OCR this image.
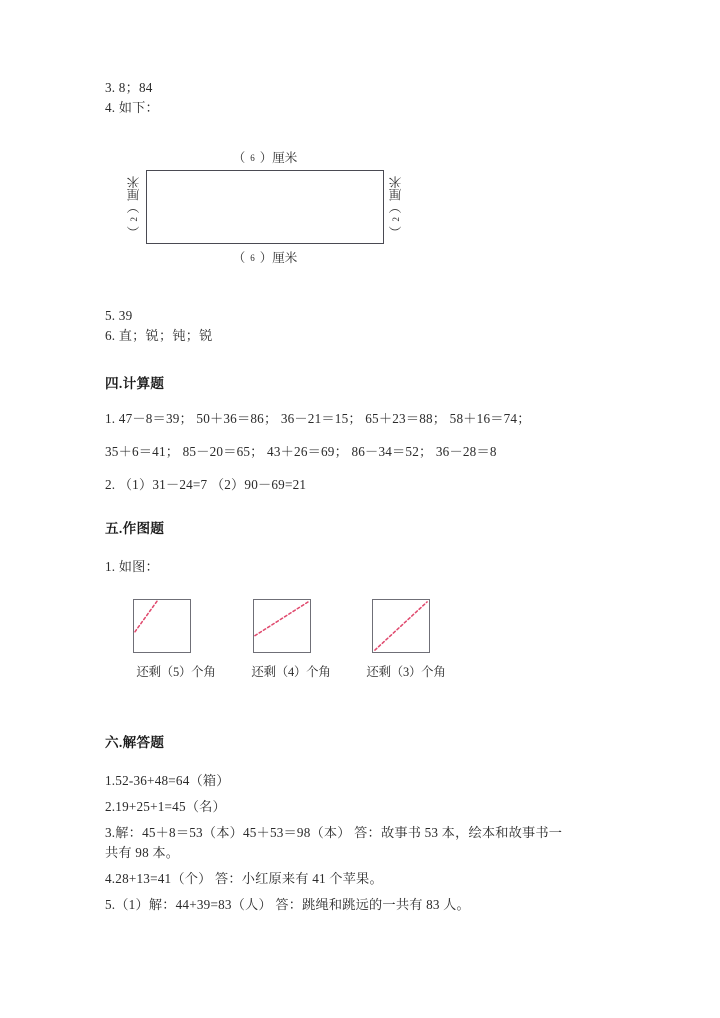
3. 8；84
4. 如下：
（ 6 ）厘米
（2）厘米
（2）厘米
（ 6 ）厘米
5. 39
6. 直；锐；钝；锐
四.计算题
1. 47－8＝39； 50＋36＝86； 36－21＝15； 65＋23＝88； 58＋16＝74；
35＋6＝41； 85－20＝65； 43＋26＝69； 86－34＝52； 36－28＝8
2. （1）31－24=7 （2）90－69=21
五.作图题
1. 如图：
还剩（5）个角	还剩（4）个角	还剩（3）个角
六.解答题
1.52-36+48=64（箱）
2.19+25+1=45（名）
3.解：45＋8＝53（本）45＋53＝98（本） 答：故事书 53 本，绘本和故事书一
共有 98 本。
4.28+13=41（个） 答：小红原来有 41 个苹果。
5.（1）解：44+39=83（人） 答：跳绳和跳远的一共有 83 人。
